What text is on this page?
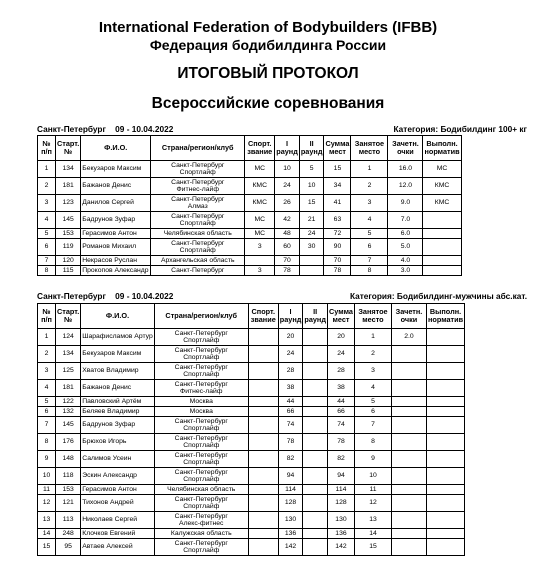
International Federation of Bodybuilders (IFBB)
Федерация бодибилдинга России
ИТОГОВЫЙ ПРОТОКОЛ
Всероссийские соревнования
Санкт-Петербург    09 - 10.04.2022	Категория: Бодибилдинг 100+ кг
№ п/п	Старт. №	Ф.И.О.	Страна/регион/клуб	Спорт. звание	I раунд	II раунд	Сумма мест	Занятое место	Зачетн. очки	Выполн. норматив
1	134	Бекузаров Максим	Санкт-Петербург
Спортлайф	МС	10	5	15	1	16.0	МС
2	181	Бажанов Денис	Санкт-Петербург
Фитнес-лайф	КМС	24	10	34	2	12.0	КМС
3	123	Данилов Сергей	Санкт-Петербург
Алмаз	КМС	26	15	41	3	9.0	КМС
4	145	Бадрунов Зуфар	Санкт-Петербург
Спортлайф	МС	42	21	63	4	7.0	
5	153	Герасимов Антон	Челябинская область	МС	48	24	72	5	6.0	
6	119	Романов Михаил	Санкт-Петербург
Спортлайф	3	60	30	90	6	5.0	
7	120	Некрасов Руслан	Архангельская область		70		70	7	4.0	
8	115	Прокопов Александр	Санкт-Петербург	3	78		78	8	3.0	
Санкт-Петербург    09 - 10.04.2022	Категория: Бодибилдинг-мужчины абс.кат.
№ п/п	Старт. №	Ф.И.О.	Страна/регион/клуб	Спорт. звание	I раунд	II раунд	Сумма мест	Занятое место	Зачетн. очки	Выполн. норматив
1	124	Шарафисламов Артур	Санкт-Петербург
Спортлайф		20		20	1	2.0	
2	134	Бекузаров Максим	Санкт-Петербург
Спортлайф		24		24	2		
3	125	Хватов Владимир	Санкт-Петербург
Спортлайф		28		28	3		
4	181	Бажанов Денис	Санкт-Петербург
Фитнес-лайф		38		38	4		
5	122	Павловский Артём	Москва		44		44	5		
6	132	Беляев Владимир	Москва		66		66	6		
7	145	Бадрунов Зуфар	Санкт-Петербург
Спортлайф		74		74	7		
8	176	Брюхов Игорь	Санкт-Петербург
Спортлайф		78		78	8		
9	148	Салимов Усеин	Санкт-Петербург
Спортлайф		82		82	9		
10	118	Эскин Александр	Санкт-Петербург
Спортлайф		94		94	10		
11	153	Герасимов Антон	Челябинская область		114		114	11		
12	121	Тихонов Андрей	Санкт-Петербург
Спортлайф		128		128	12		
13	113	Николаев Сергей	Санкт-Петербург
Алекс-фитнес		130		130	13		
14	248	Клочков Евгений	Калужская область		136		136	14		
15	95	Автаев Алексей	Санкт-Петербург
Спортлайф		142		142	15		
